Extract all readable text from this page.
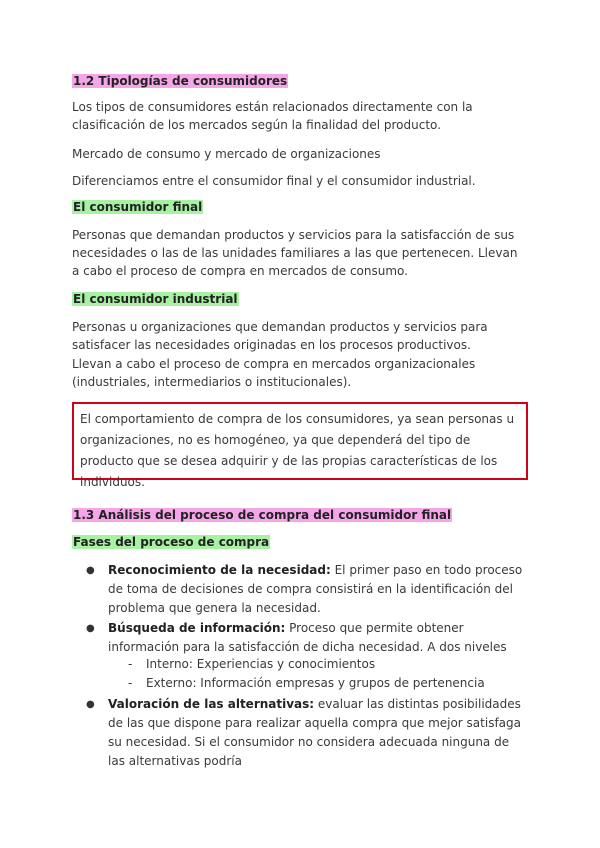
1.2 Tipologías de consumidores
Los tipos de consumidores están relacionados directamente con la clasificación de los mercados según la finalidad del producto.
Mercado de consumo y mercado de organizaciones
Diferenciamos entre el consumidor final y el consumidor industrial.
El consumidor final
Personas que demandan productos y servicios para la satisfacción de sus necesidades o las de las unidades familiares a las que pertenecen. Llevan a cabo el proceso de compra en mercados de consumo.
El consumidor industrial
Personas u organizaciones que demandan productos y servicios para satisfacer las necesidades originadas en los procesos productivos.
Llevan a cabo el proceso de compra en mercados organizacionales (industriales, intermediarios o institucionales).
El comportamiento de compra de los consumidores, ya sean personas u organizaciones, no es homogéneo, ya que dependerá del tipo de producto que se desea adquirir y de las propias características de los individuos.
1.3 Análisis del proceso de compra del consumidor final
Fases del proceso de compra
● Reconocimiento de la necesidad: El primer paso en todo proceso de toma de decisiones de compra consistirá en la identificación del problema que genera la necesidad.
● Búsqueda de información: Proceso que permite obtener información para la satisfacción de dicha necesidad. A dos niveles
- Interno: Experiencias y conocimientos
- Externo: Información empresas y grupos de pertenencia
● Valoración de las alternativas: evaluar las distintas posibilidades de las que dispone para realizar aquella compra que mejor satisfaga su necesidad. Si el consumidor no considera adecuada ninguna de las alternativas podría
